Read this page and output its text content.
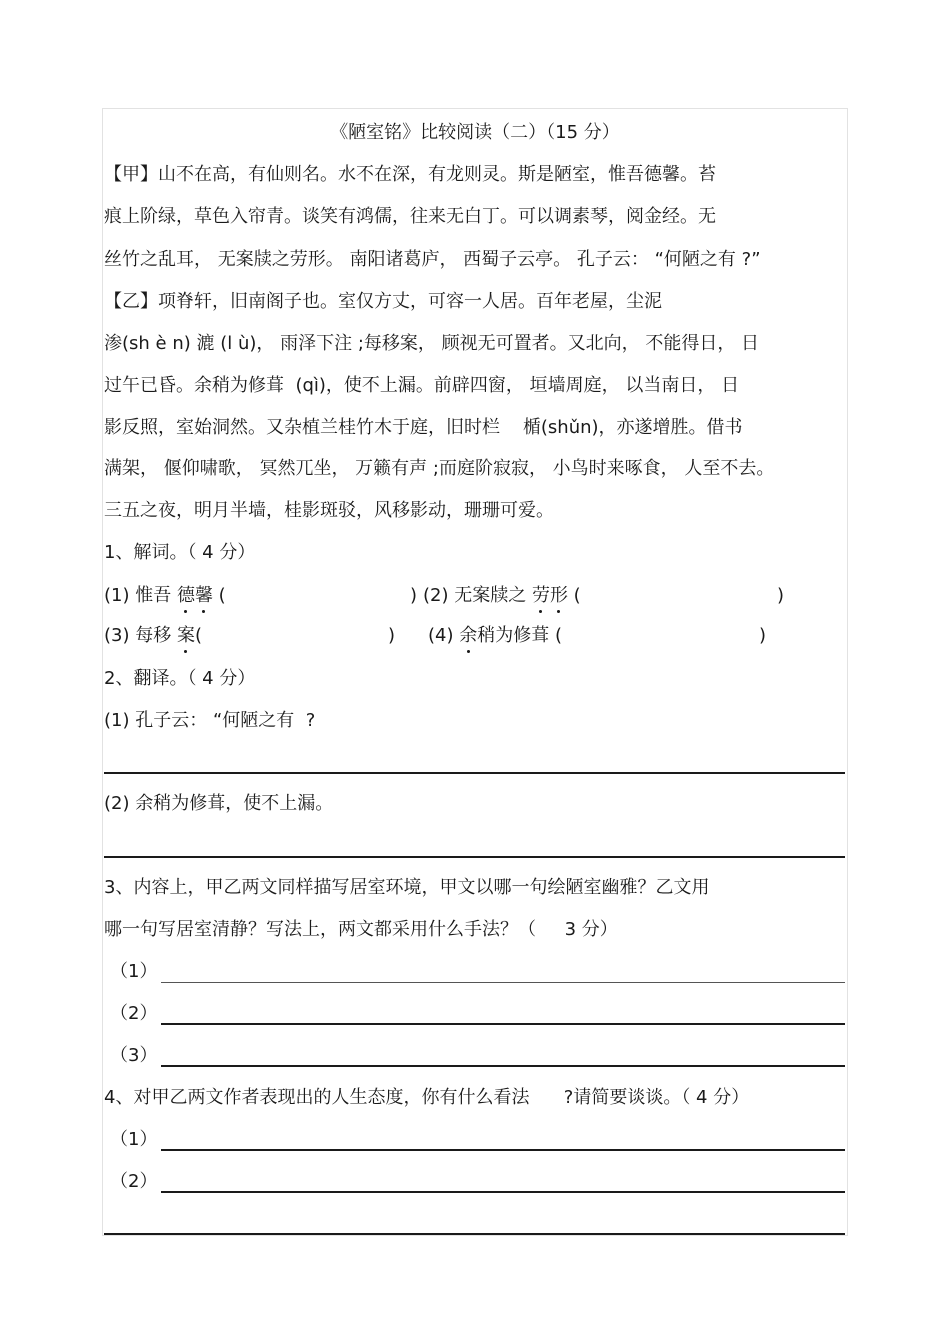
《陋室铭》比较阅读（二）（15 分）
【甲】山不在高，有仙则名。水不在深，有龙则灵。斯是陋室，惟吾德馨。苔
痕上阶绿，草色入帘青。谈笑有鸿儒，往来无白丁。可以调素琴，阅金经。无
丝竹之乱耳， 无案牍之劳形。 南阳诸葛庐， 西蜀子云亭。 孔子云： “何陋之有 ?”
【乙】项脊轩，旧南阁子也。室仅方丈，可容一人居。百年老屋，尘泥
渗(sh è n) 漉 (l ù)， 雨泽下注 ;每移案， 顾视无可置者。又北向， 不能得日， 日
过午已昏。余稍为修葺  (qì)，使不上漏。前辟四窗， 垣墙周庭， 以当南日， 日
影反照，室始洞然。又杂植兰桂竹木于庭，旧时栏    楯(shǔn)，亦遂增胜。借书
满架， 偃仰啸歌， 冥然兀坐， 万籁有声 ;而庭阶寂寂， 小鸟时来啄食， 人至不去。
三五之夜，明月半墙，桂影斑驳，风移影动，珊珊可爱。
1、解词。（ 4 分）
(1) 惟吾 德馨 (	) (2) 无案牍之 劳形 (	)
(3) 每移 案(	) (4) 余稍为修葺 (	)
2、翻译。（ 4 分）
(1) 孔子云： “何陋之有  ?
(2) 余稍为修葺，使不上漏。
3、内容上，甲乙两文同样描写居室环境，甲文以哪一句绘陋室幽雅？乙文用
哪一句写居室清静？写法上，两文都采用什么手法？（     3 分）
（1）
（2）
（3）
4、对甲乙两文作者表现出的人生态度，你有什么看法      ?请简要谈谈。（ 4 分）
（1）
（2）
